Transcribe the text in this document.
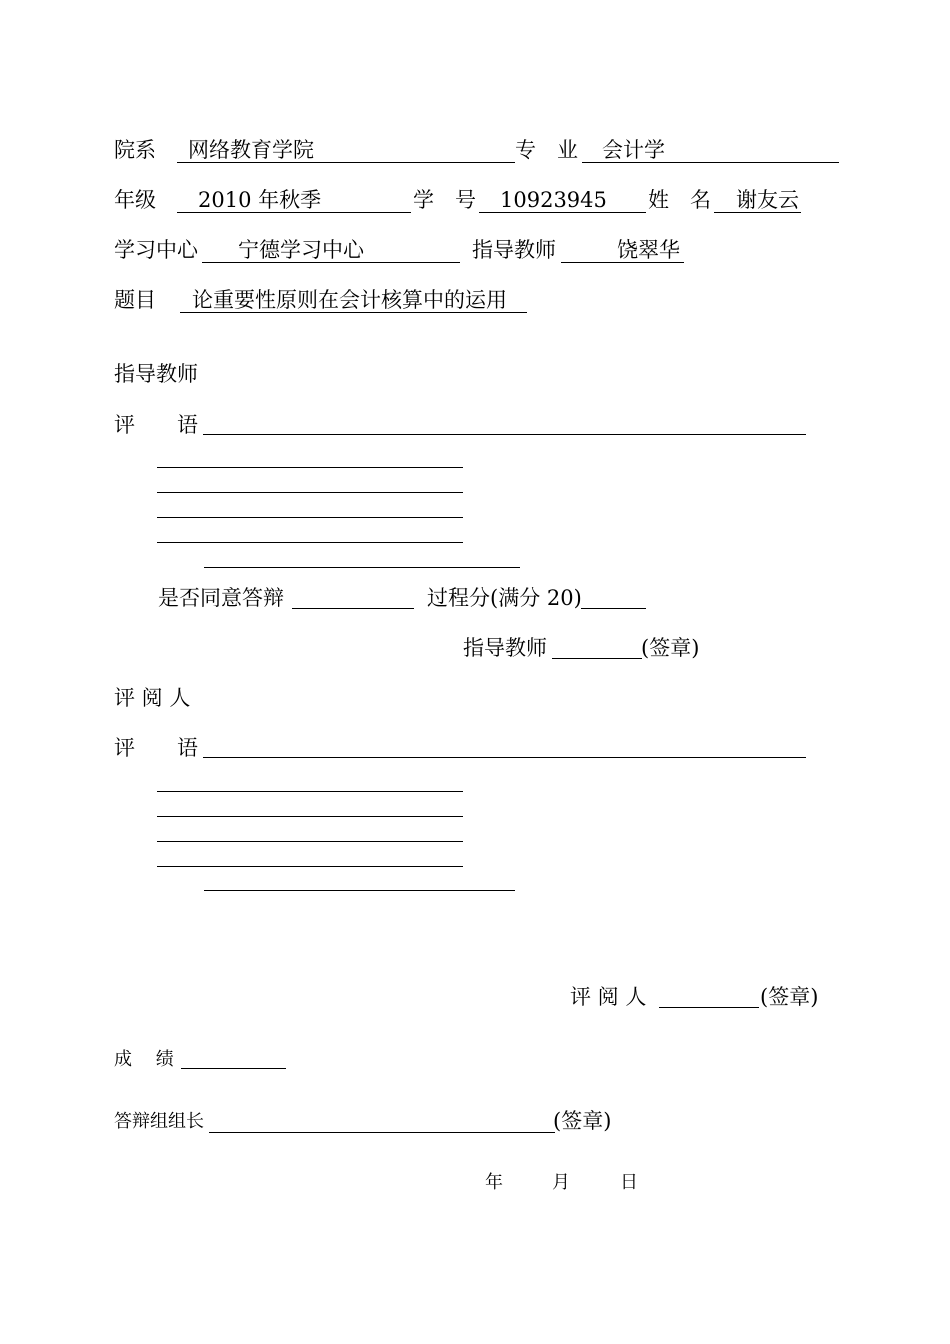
院系 网络教育学院	专　业 会计学
年级 2010 年秋季	学　号 10923945 姓　名 谢友云
学习中心 宁德学习中心	指导教师	饶翠华
题目 论重要性原则在会计核算中的运用
指导教师
评　　语
是否同意答辩	过程分(满分 20)
指导教师	(签章)
评 阅 人
评　　语
评 阅 人	(签章)
成　 绩
答辩组组长	(签章)
年	月	日
